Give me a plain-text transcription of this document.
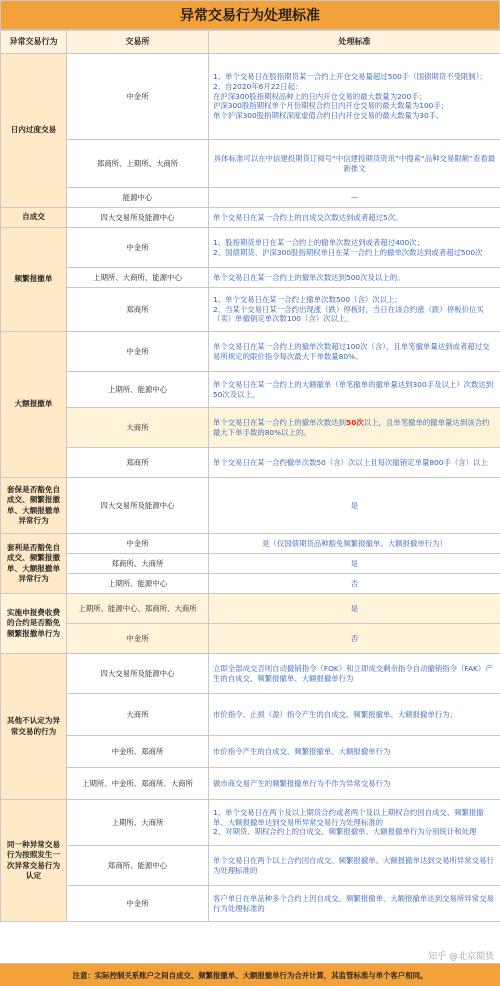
异常交易行为处理标准
异常交易行为	交易所	处理标准
日内过度交易	中金所	1、单个交易日在股指期货某一合约上开仓交易量超过500手（国债期货不受限制）；
2、自2020年6月22日起：
在沪深300股指期权品种上的日内开仓交易的最大数量为200手；
沪深300股指期权单个月份期权合约日内开仓交易的最大数量为100手；
单个沪深300股指期权深度虚值合约日内开仓交易的最大数量为30手。

	郑商所、上期所、大商所	具体标准可以在中信建投期货订阅号“中信建投期货资讯”中搜索“品种交易限额”查看最新推文
	能源中心	—
自成交	四大交易所及能源中心	单个交易日在某一合约上的自成交次数达到或者超过5次。
频繁报撤单	中金所	1、股指期货单日在某一合约上的撤单次数达到或者超过400次；
2、国债期货、沪深300股指期权单日在某一合约上的撤单次数达到或者超过500次

	上期所、大商所、能源中心	单个交易日在某一合约上的撤单次数达到500次及以上的。
	郑商所	1、单个交易日在某一合约上撤单次数500（含）次以上；
2、当某个交易日某一合约出现涨（跌）停板时，当日在该合约涨（跌）停板价位买（卖）单撤销定单次数100（含）次以上。

大额报撤单	中金所	单个交易日在某一合约上的撤单次数超过100次（含），且单笔撤单量达到或者超过交易所规定的限价指令每次最大下单数量80%。
	上期所、能源中心	单个交易日在某一合约上的大额撤单（单笔撤单的撤单量达到300手及以上）次数达到50次及以上。
	大商所	单个交易日在某一合约上的撤单次数达到50次以上，且单笔撤单的撤单量达到该合约最大下单手数的80%以上的。
	郑商所	单个交易日在某一合约撤单次数50（含）次以上且每次撤销定单量800手（含）以上
套保是否豁免自成交、频繁报撤单、大额报撤单异常行为	四大交易所及能源中心	是
套利是否豁免自成交、频繁报撤单、大额报撤单异常行为	中金所	是（仅国债期货品种豁免频繁报撤单、大额报撤单行为）
	郑商所、大商所	是
	上期所、能源中心	否
实施申报费收费的合约是否豁免频繁报撤单行为	上期所、能源中心、郑商所、大商所	是
	中金所	否
其他不认定为异常交易的行为	四大交易所及能源中心	立即全部成交否则自动撤销指令（FOK）和立即成交剩余指令自动撤销指令（FAK）产生的自成交、频繁报撤单、大额报撤单行为
	大商所	市价指令、止损（盈）指令产生的自成交、频繁报撤单、大额报撤单行为；
	中金所、郑商所	市价指令产生的自成交、频繁报撤单、大额报撤单行为
	上期所、中金所、郑商所、大商所	做市商交易产生的频繁报撤单行为不作为异常交易行为
同一种异常交易行为按照发生一次异常交易行为认定	上期所、大商所	1、单个交易日在两个及以上期货合约或者两个及以上期权合约因自成交、频繁报撤单、大额报撤单达到交易所异常交易行为处理标准的
2、对期货、期权合约上的自成交、频繁报撤单、大额报撤单行为分别统计和处理

	郑商所、能源中心	单个交易日在两个以上合约因自成交、频繁报撤单、大额报撤单达到交易所异常交易行为处理标准的
	中金所	客户单日在单品种多个合约上因自成交、频繁报撤单、大额报撤单达到交易所异常交易行为处理标准的
知乎 @北京期货
注意：实际控制关系账户之间自成交、频繁报撤单、大额报撤单行为合并计算，其监管标准与单个客户相同。
